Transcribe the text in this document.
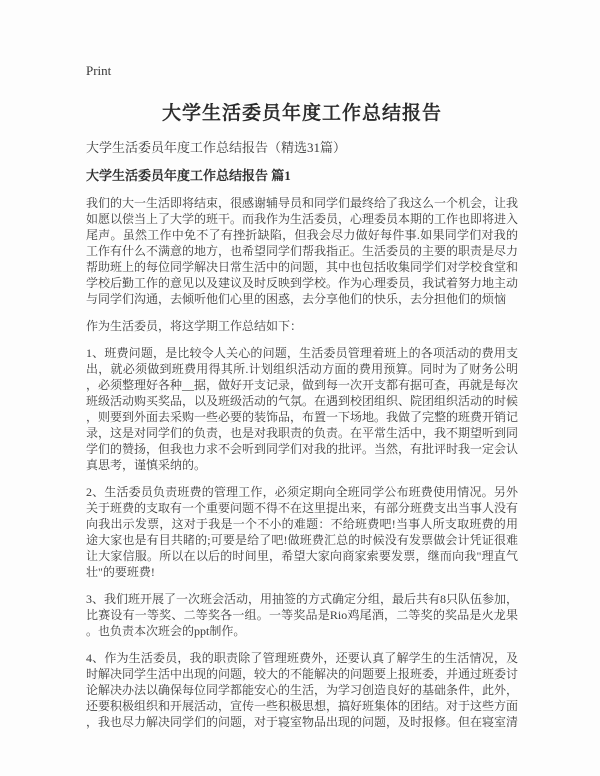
Print
大学生活委员年度工作总结报告
大学生活委员年度工作总结报告（精选31篇）
大学生活委员年度工作总结报告 篇1

我们的大一生活即将结束，很感谢辅导员和同学们最终给了我这么一个机会，让我如愿以偿当上了大学的班干。而我作为生活委员，心理委员本期的工作也即将进入尾声。虽然工作中免不了有挫折缺陷，但我会尽力做好每件事.如果同学们对我的工作有什么不满意的地方，也希望同学们帮我指正。生活委员的主要的职责是尽力帮助班上的每位同学解决日常生活中的问题，其中也包括收集同学们对学校食堂和学校后勤工作的意见以及建议及时反映到学校。作为心理委员，我试着努力地主动与同学们沟通，去倾听他们心里的困惑，去分享他们的快乐，去分担他们的烦恼

作为生活委员，将这学期工作总结如下：

1、班费问题，是比较令人关心的问题，生活委员管理着班上的各项活动的费用支出，就必须做到班费用得其所.计划组织活动方面的费用预算。同时为了财务公明，必须整理好各种__据，做好开支记录，做到每一次开支都有据可查，再就是每次班级活动购买奖品，以及班级活动的气氛。在遇到校团组织、院团组织活动的时候，则要到外面去采购一些必要的装饰品，布置一下场地。我做了完整的班费开销记录，这是对同学们的负责，也是对我职责的负责。在平常生活中，我不期望听到同学们的赞扬，但我也力求不会听到同学们对我的批评。当然，有批评时我一定会认真思考，谨慎采纳的。

2、生活委员负责班费的管理工作，必须定期向全班同学公布班费使用情况。另外关于班费的支取有一个重要问题不得不在这里提出来，有部分班费支出当事人没有向我出示发票，这对于我是一个不小的难题：不给班费吧!当事人所支取班费的用途大家也是有目共睹的;可要是给了吧!做班费汇总的时候没有发票做会计凭证很难让大家信服。所以在以后的时间里，希望大家向商家索要发票，继而向我"理直气壮"的要班费!

3、我们班开展了一次班会活动，用抽签的方式确定分组，最后共有8只队伍参加，比赛设有一等奖、二等奖各一组。一等奖品是Rio鸡尾酒，二等奖的奖品是火龙果。也负责本次班会的ppt制作。

4、作为生活委员，我的职责除了管理班费外，还要认真了解学生的生活情况，及时解决同学生活中出现的问题，较大的不能解决的问题要上报班委，并通过班委讨论解决办法以确保每位同学都能安心的生活，为学习创造良好的基础条件，此外，还要积极组织和开展活动，宣传一些积极思想，搞好班集体的团结。对于这些方面，我也尽力解决同学们的问题，对于寝室物品出现的问题，及时报修。但在寝室清
